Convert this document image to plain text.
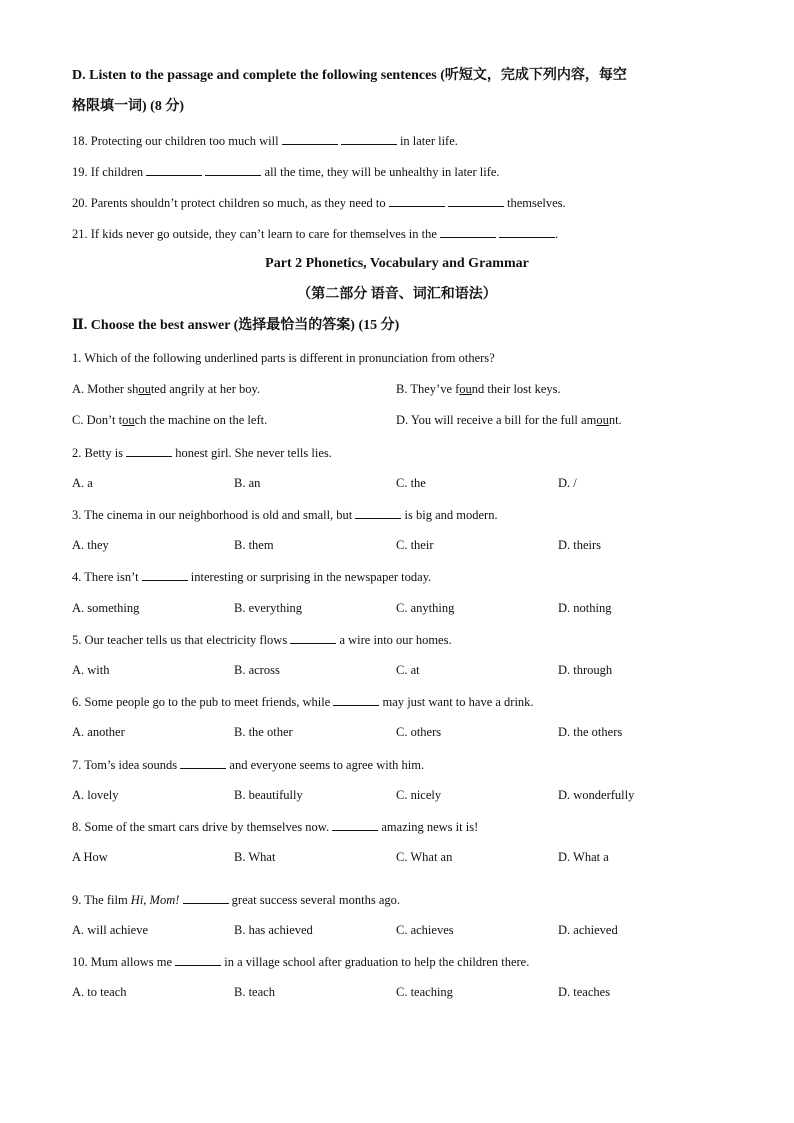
D. Listen to the passage and complete the following sentences (听短文，完成下列内容，每空
格限填一词) (8 分)
18. Protecting our children too much will	in later life.
19. If children	all the time, they will be unhealthy in later life.
20. Parents shouldn’t protect children so much, as they need to	themselves.
21. If kids never go outside, they can’t learn to care for themselves in the	.
Part 2 Phonetics, Vocabulary and Grammar
（第二部分 语音、词汇和语法）
Ⅱ. Choose the best answer (选择最恰当的答案) (15 分)
1. Which of the following underlined parts is different in pronunciation from others?
A. Mother shouted angrily at her boy.	B. They’ve found their lost keys.
C. Don’t touch the machine on the left.	D. You will receive a bill for the full amount.
2. Betty is	honest girl. She never tells lies.
A. a	B. an	C. the	D. /
3. The cinema in our neighborhood is old and small, but	is big and modern.
A. they	B. them	C. their	D. theirs
4. There isn’t	interesting or surprising in the newspaper today.
A. something	B. everything	C. anything	D. nothing
5. Our teacher tells us that electricity flows	a wire into our homes.
A. with	B. across	C. at	D. through
6. Some people go to the pub to meet friends, while	may just want to have a drink.
A. another	B. the other	C. others	D. the others
7. Tom’s idea sounds	and everyone seems to agree with him.
A. lovely	B. beautifully	C. nicely	D. wonderfully
8. Some of the smart cars drive by themselves now.	amazing news it is!
A How	B. What	C. What an	D. What a
9. The film Hi, Mom!	great success several months ago.
A. will achieve	B. has achieved	C. achieves	D. achieved
10. Mum allows me	in a village school after graduation to help the children there.
A. to teach	B. teach	C. teaching	D. teaches
